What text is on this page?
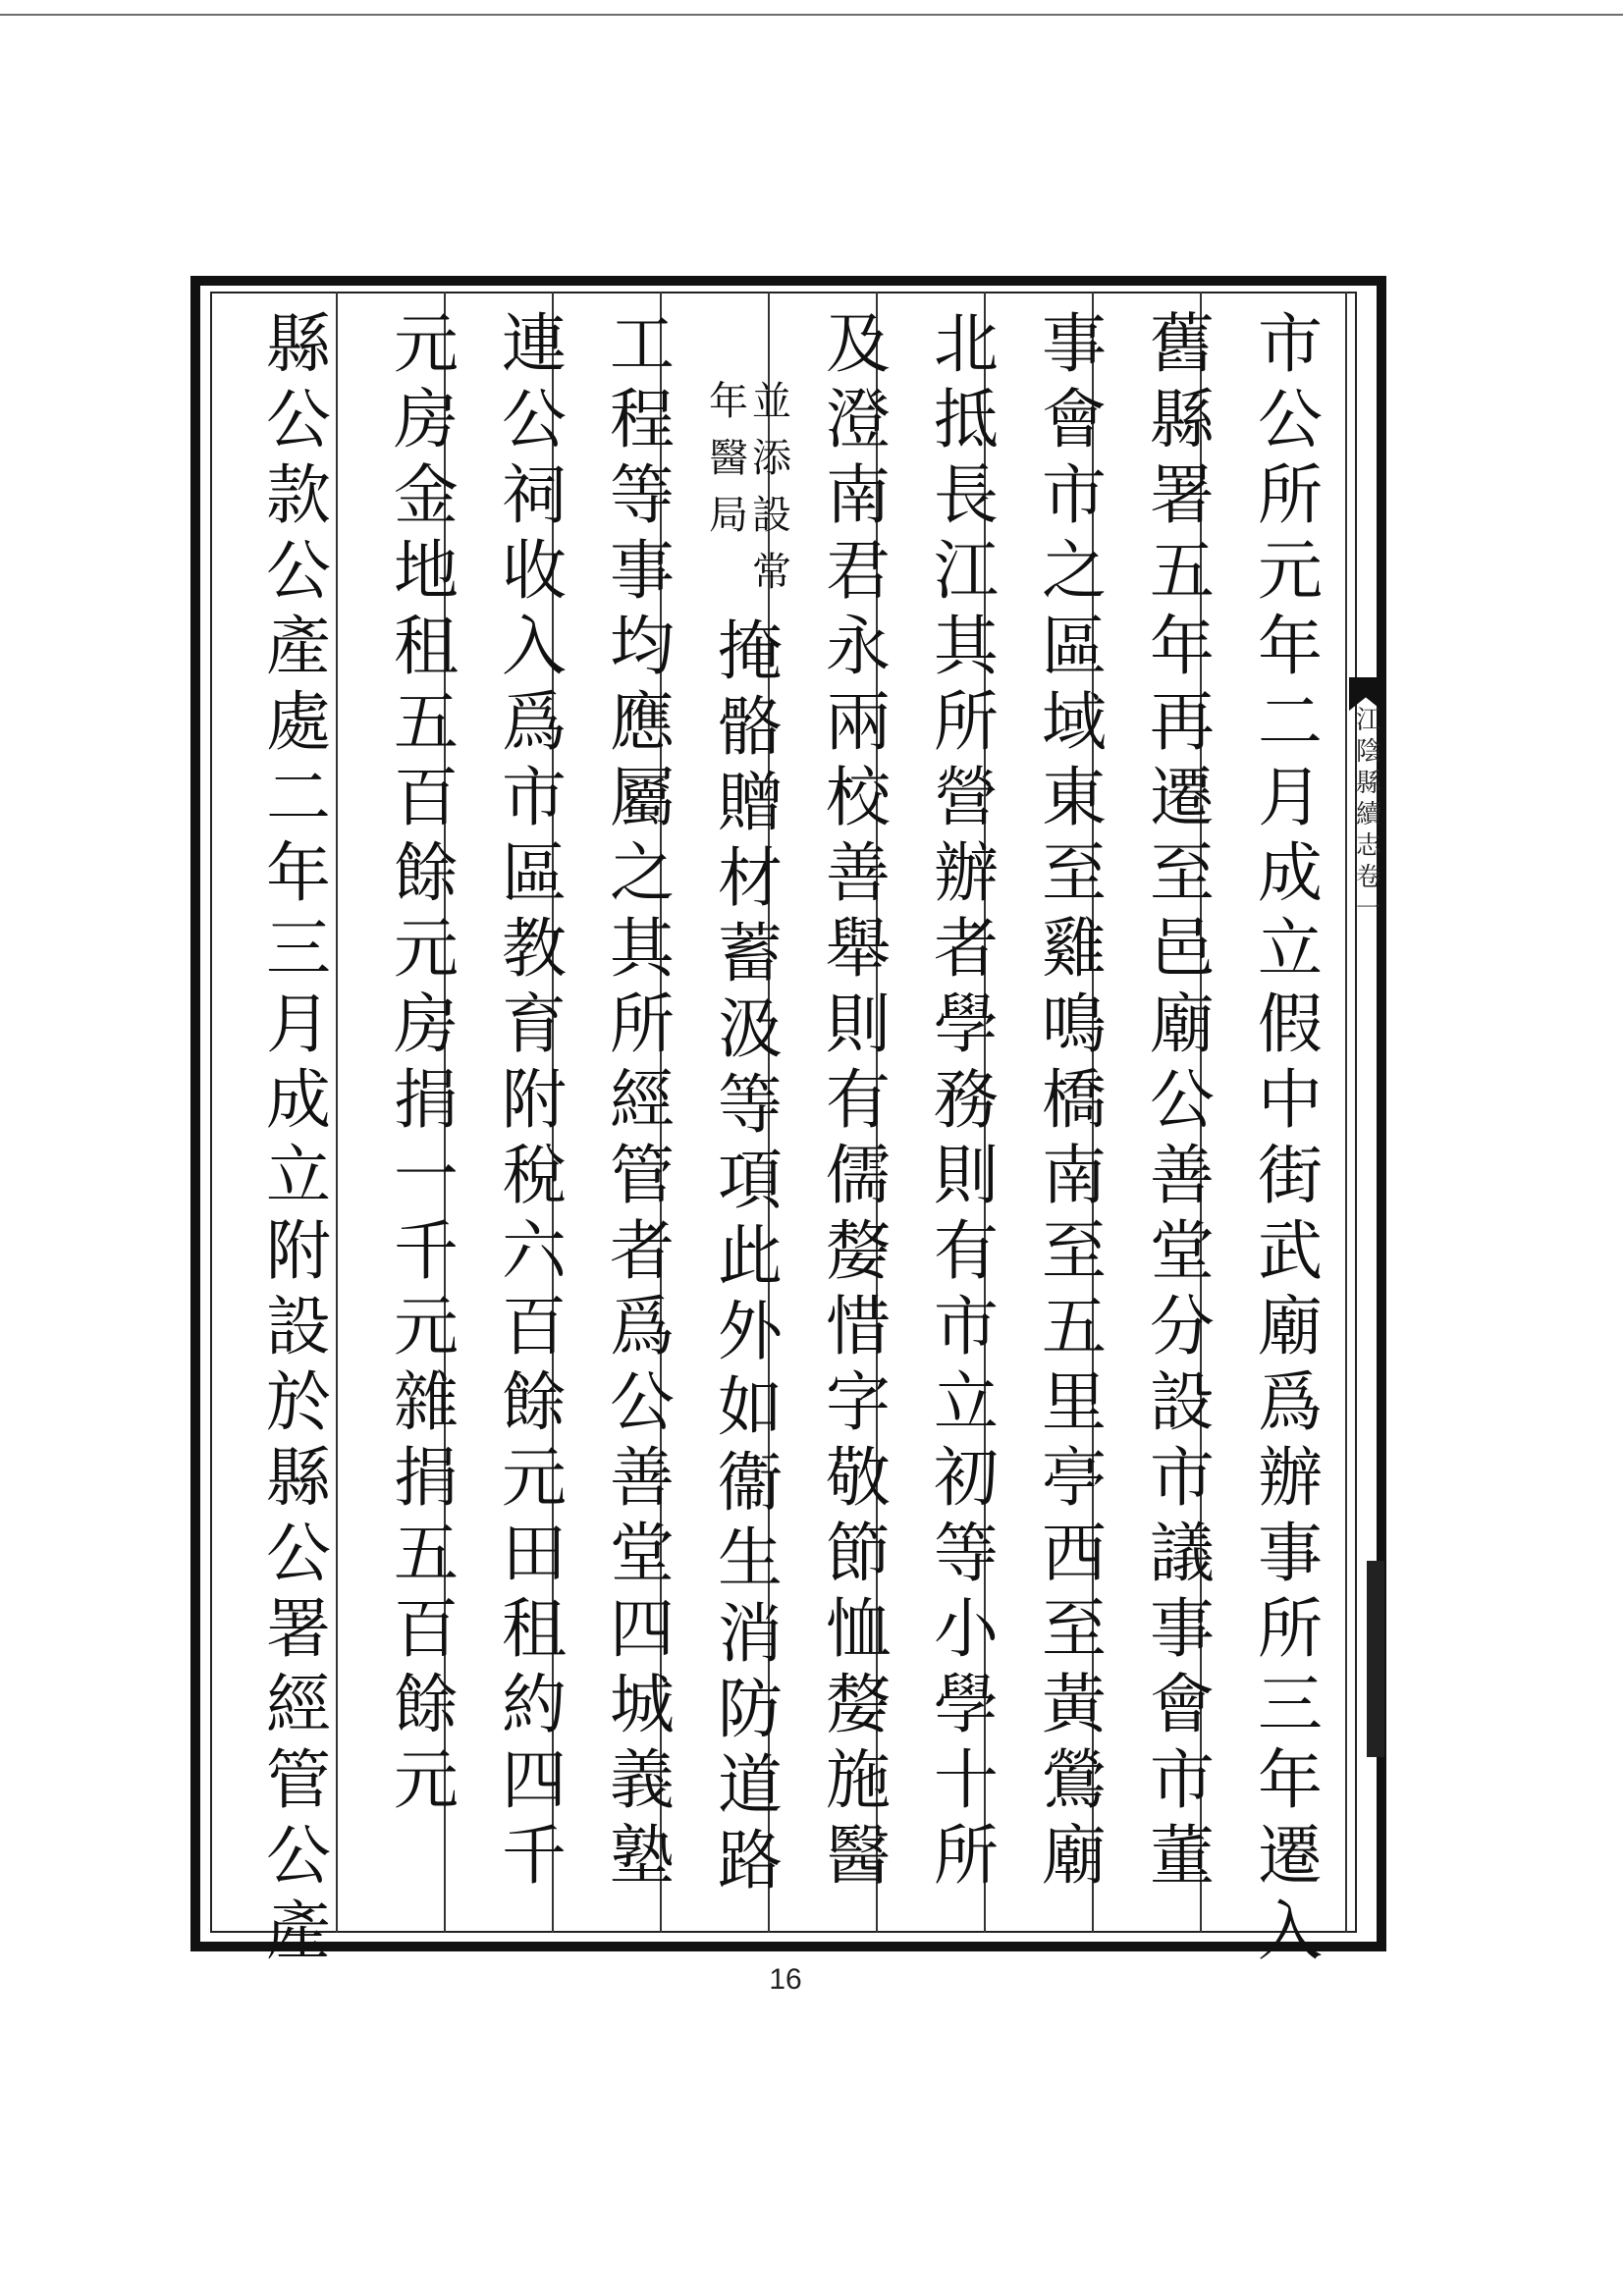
市
公
所
元
年
二
月
成
立
假
中
街
武
廟
爲
辦
事
所
三
年
遷
入
舊
縣
署
五
年
再
遷
至
邑
廟
公
善
堂
分
設
市
議
事
會
市
董
事
會
市
之
區
域
東
至
雞
鳴
橋
南
至
五
里
亭
西
至
黃
鶯
廟
北
抵
長
江
其
所
營
辦
者
學
務
則
有
市
立
初
等
小
學
十
所
及
澄
南
君
永
兩
校
善
舉
則
有
儒
嫠
惜
字
敬
節
恤
嫠
施
醫
掩
骼
贈
材
蓄
汲
等
項
此
外
如
衞
生
消
防
道
路
工
程
等
事
均
應
屬
之
其
所
經
管
者
爲
公
善
堂
四
城
義
塾
連
公
祠
收
入
爲
市
區
教
育
附
稅
六
百
餘
元
田
租
約
四
千
元
房
金
地
租
五
百
餘
元
房
捐
一
千
元
雜
捐
五
百
餘
元
縣
公
款
公
產
處
二
年
三
月
成
立
附
設
於
縣
公
署
經
管
公
產
並
添
設
常
年
醫
局
江
陰
縣
續
志
卷
一
16
